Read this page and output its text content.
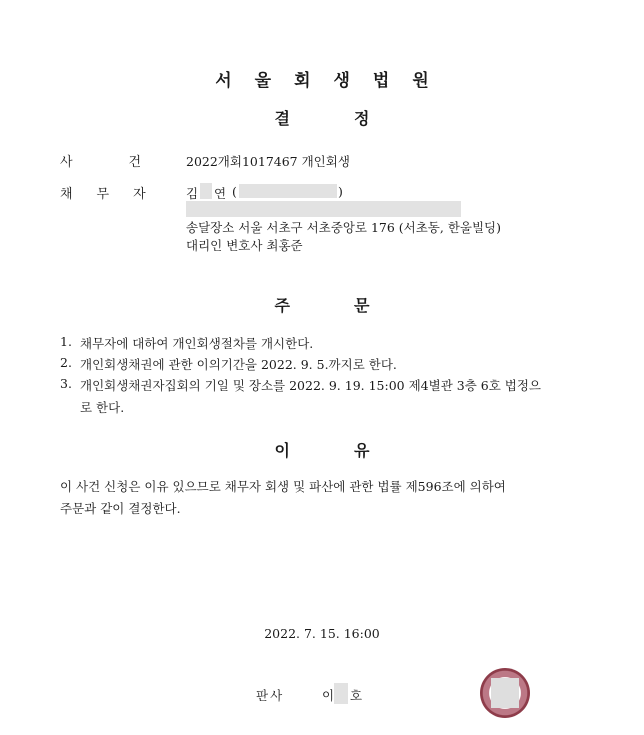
서울회생법원
결정
사건
2022개회1017467 개인회생
채무자 김 연 (	)
송달장소 서울 서초구 서초중앙로 176 (서초동, 한울빌딩)
대리인 변호사 최홍준
주문
1. 채무자에 대하여 개인회생절차를 개시한다.
2. 개인회생채권에 관한 이의기간을 2022. 9. 5.까지로 한다.
3. 개인회생채권자집회의 기일 및 장소를 2022. 9. 19. 15:00 제4별관 3층 6호 법정으
로 한다.
이유
이 사건 신청은 이유 있으므로 채무자 회생 및 파산에 관한 법률 제596조에 의하여
주문과 같이 결정한다.
2022. 7. 15. 16:00
판사	이 호
